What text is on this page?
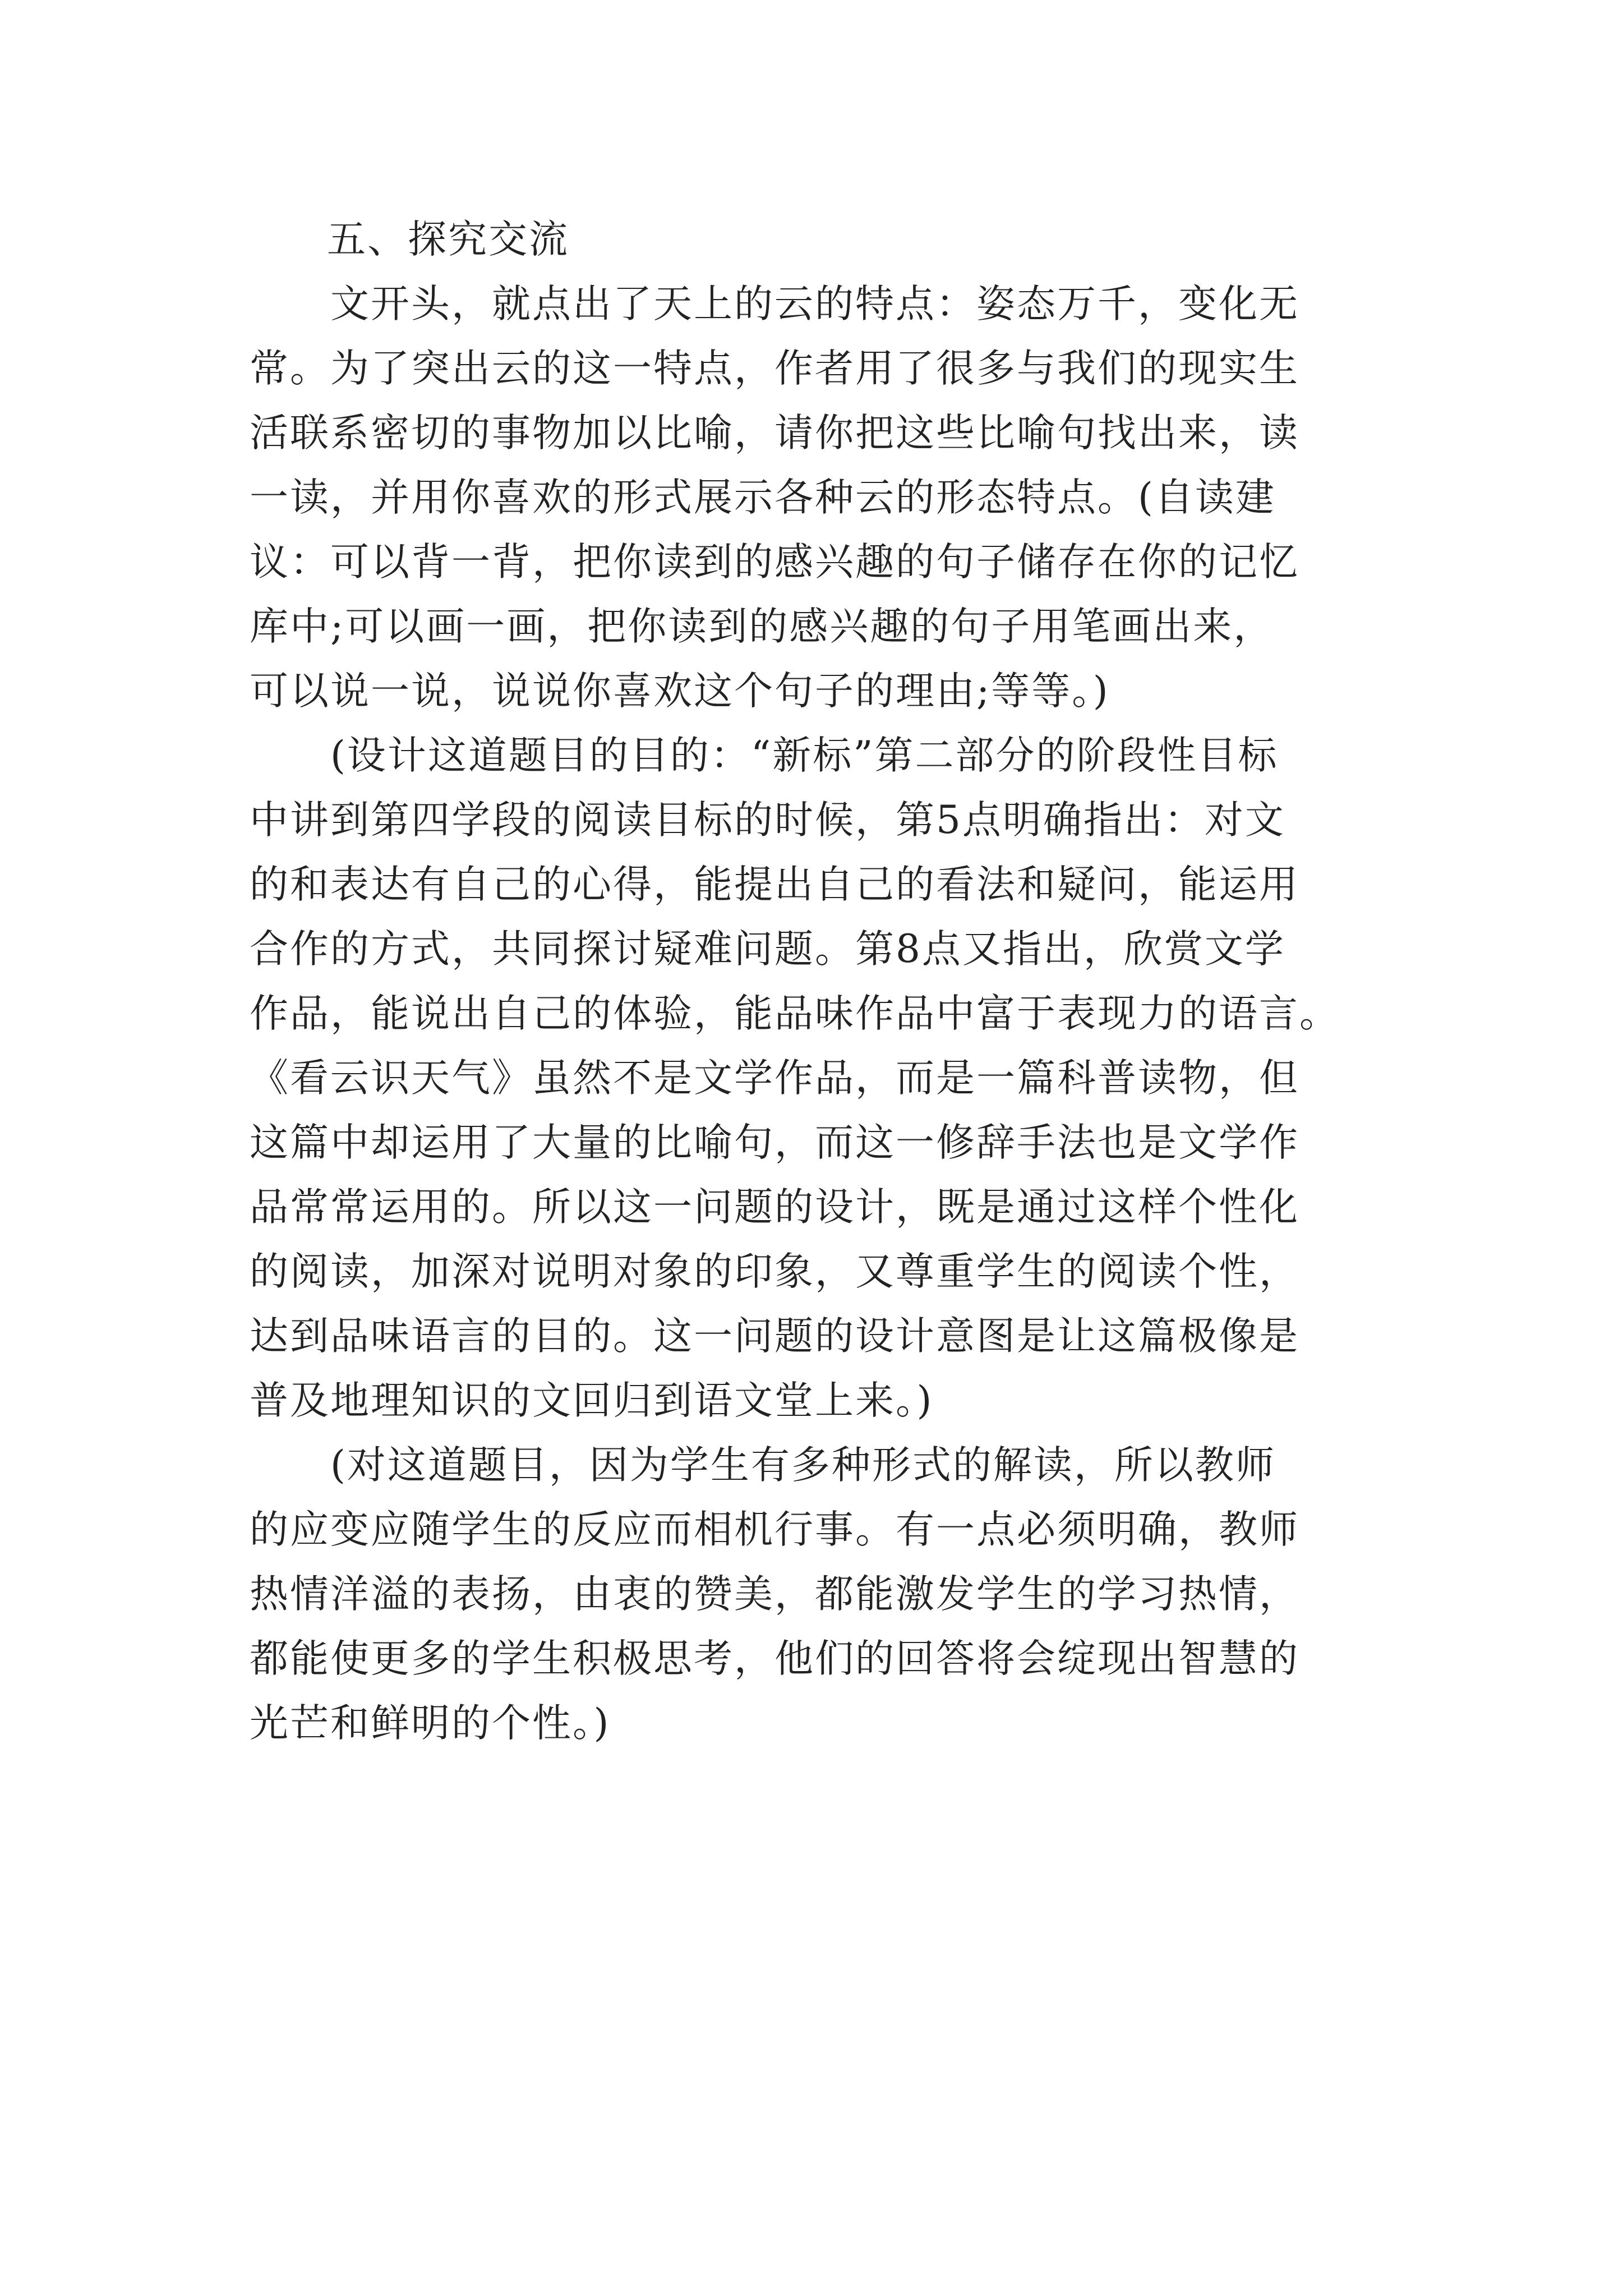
五、探究交流

　　文开头，就点出了天上的云的特点：姿态万千，变化无

常。为了突出云的这一特点，作者用了很多与我们的现实生

活联系密切的事物加以比喻，请你把这些比喻句找出来，读

一读，并用你喜欢的形式展示各种云的形态特点。(自读建

议：可以背一背，把你读到的感兴趣的句子储存在你的记忆

库中;可以画一画，把你读到的感兴趣的句子用笔画出来，

可以说一说，说说你喜欢这个句子的理由;等等。)

　　(设计这道题目的目的：“新标”第二部分的阶段性目标

中讲到第四学段的阅读目标的时候，第5点明确指出：对文

的和表达有自己的心得，能提出自己的看法和疑问，能运用

合作的方式，共同探讨疑难问题。第8点又指出，欣赏文学

作品，能说出自己的体验，能品味作品中富于表现力的语言。

《看云识天气》虽然不是文学作品，而是一篇科普读物，但

这篇中却运用了大量的比喻句，而这一修辞手法也是文学作

品常常运用的。所以这一问题的设计，既是通过这样个性化

的阅读，加深对说明对象的印象，又尊重学生的阅读个性，

达到品味语言的目的。这一问题的设计意图是让这篇极像是

普及地理知识的文回归到语文堂上来。)

　　(对这道题目，因为学生有多种形式的解读，所以教师

的应变应随学生的反应而相机行事。有一点必须明确，教师

热情洋溢的表扬，由衷的赞美，都能激发学生的学习热情，

都能使更多的学生积极思考，他们的回答将会绽现出智慧的

光芒和鲜明的个性。)
